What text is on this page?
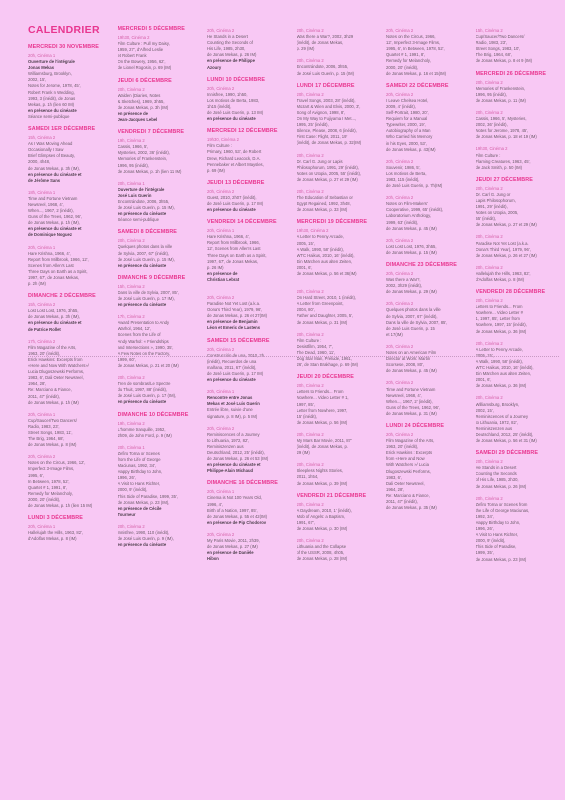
CALENDRIER
MERCREDI 30 NOVEMBRE
20h, Cinéma 1
Ouverture de l'intégrale
Jonas Mekas
Williamsburg, Brooklyn,
2002, 15',
Notes for Jerome, 1978, 45',
Robert Frank n Wedding,
1993, 3 (inédit), de Jonas
Mekas, p. 1h (lien 60 IM)
en présence du cinéaste
Séance semi-publique
SAMEDI 1ER DÉCEMBRE
15h, Cinéma 2
As I Was Moving Ahead
Occasionally I Saw
Brief Glimpses of Beauty,
2000, 4h48,
de Jonas Mekas, p. 3h (IM),
en présence du cinéaste et
de Jérôme Sans
18h, Cinéma 1
Time and Fortune Vietnam
Newsreel, 1968, 4',
When..., 1967, 2 (inédit),
Guns of the Trees, 1962, 96',
de Jonas Mekas, p. 1h (IM),
en présence du cinéaste et
de Dominique Noguez
20h, Cinéma 1
Hare Krishna, 1966, 4',
Report from Millbrook, 1966, 12',
Scenes from Allen's Last
Three Days on Earth as a Spirit,
1997, 67', de Jonas Mekas,
p. 2h (IM)
DIMANCHE 2 DÉCEMBRE
15h, Cinéma 2
Lost Lost Lost, 1976, 3h55,
de Jonas Mekas, p. 3h (IM),
en présence du cinéaste et
de Patrice Rollet
17h, Cinéma 2
Film Magazine of the Arts,
1963, 20' (inédit),
Erick Hawkins: Excerpts from
«Here and Now With Watchers»/
Lucia Dlugoszewski Performs,
1983, 6', Dali Oeter Newsreel,
1964, 28',
Re: Marciano & Fiance,
2011, 47' (inédit),
de Jonas Mekas, p. 1h (IM)
20h, Cinéma 1
Cup/Saucer/Two Dancers/
Radio, 1983, 23',
Street Songs, 1983, 11',
The Brig, 1964, 68',
de Jonas Mekas, p. 8 (IM)
20h, Cinéma 2
Notes on the Circus, 1966, 12',
Imperfect 3-Image Films,
1995, 6',
In Between, 1978, 52',
Quartet # 1, 1991, 8',
Remedy for Melancholy,
2000, 20' (inédit),
de Jonas Mekas, p. 1h (lien 15 IM)
LUNDI 3 DÉCEMBRE
20h, Cinéma 1
Hallelujah the Hills, 1963, 82',
d'Adolfas Mekas, p. 8 (IM)
MERCREDI 5 DÉCEMBRE
19h30, Cinéma 2
Film Culture : Pull my Daisy,
1959, 27', d'Alfred Leslie
et Robert Frank
On the Bowery, 1956, 62',
de Lionel Rogosin, p. 69 (IM)
JEUDI 6 DÉCEMBRE
20h, Cinéma 2
Walden (Diaries, Notes
& Sketches), 1969, 3h55,
de Jonas Mekas, p. 3h (IM)
en présence de
Jean-Jacques Lebel
VENDREDI 7 DÉCEMBRE
19h, Cinéma 2
Cassis, 1966, 5',
Mysteries, 2002, 36' (inédit),
Memories of Frankenstein,
1996, 95 (inédit),
de Jonas Mekas, p. 1h (lien 11 IM)
20h, Cinéma 1
Ouverture de l'intégrale
José Luis Guerin
Encontrándote, 2006, 3h55,
de José Luis Guerin, p. 15 IM),
en présence du cinéaste
Séance semi-publique
SAMEDI 8 DÉCEMBRE
20h, Cinéma 2
Quelques photos dans la ville
de Sylvia, 2007, 67' (inédit),
de José Luis Guerin, p. 15 IM),
en présence du cinéaste
DIMANCHE 9 DÉCEMBRE
15h, Cinéma 2
Dans la ville de Sylvia, 2007, 85',
de José Luis Guerin, p. 17 IM),
en présence du cinéaste
17h, Cinéma 2
Award Presentation to Andy
Warhol, 1964, 12',
Scenes from the Life of
Andy Warhol: « Friendships
and Intersections », 1990, 35',
A Few Notes on the Factory,
1999, 60',
de Jonas Mekas, p. 21 et 20 (IM)
20h, Cinéma 2
Tren de sombras/Le Spectre
du Thuit, 1997, 88' (inédit),
de José Luis Guerin, p. 17 (IM),
en présence du cinéaste
DIMANCHE 10 DÉCEMBRE
19h, Cinéma 2
L'homme tranquille, 1952,
2h09, de John Ford, p. 9 (IM)
20h, Cinéma 1
Zefiro Torna or Scenes
from the Life of George
Maciunas, 1992, 34',
Happy Birthday to John,
1996, 26',
A Visit to Hans Richter,
2000, 9' (inédit),
This Side of Paradise, 1999, 35',
de Jonas Mekas, p. 23 (IM),
en présence de Cécile
Tourneur
20h, Cinéma 2
Innisfree, 1990, 110 (inédit),
de José Luis Guerin, p. 9 (IM),
en présence du cinéaste
20h, Cinéma 2
He Stands in a Desert
Counting the Seconds of
His Life, 1985, 2h30,
de Jonas Mekas, p. 26 IM)
en présence de Philippe
Azoury
LUNDI 10 DÉCEMBRE
20h, Cinéma 2
Innisfree, 1990, 1h50,
Los motivos de Berta, 1983,
1h15 (inédit),
de José Luis Guerin, p. 13 IM)
en présence du cinéaste
MERCREDI 12 DÉCEMBRE
19h30, Cinéma 2
Film Culture :
Primary, 1960, 53', de Robert
Drew, Richard Leacock, D.A.
Pennebaker et Albert Maysles,
p. 69 (IM)
JEUDI 13 DÉCEMBRE
20h, Cinéma 2
Guest, 2010, 2h07 (inédit),
de José Luis Guerin, p. 17 IM)
en présence du cinéaste
VENDREDI 14 DÉCEMBRE
20h, Cinéma 1
Hare Krishna, 1966, 4',
Report from Millbrook, 1966,
12', Scenes from Allen's Last
Three Days on Earth as a Spirit,
1997, 67', de Jonas Mekas,
p. 26 IM)
en présence de
Christian Lebrat
20h, Cinéma 2
Paradise Not Yet Lost (a.k.a.
Oona's Third Year), 1979, 96',
de Jonas Mekas, p. 26 et 27(IM)
en présence de Benjamin
Léon et Emeric de Lastens
SAMEDI 15 DÉCEMBRE
20h, Cinéma 2
Construcción de una, 2010, 2h
(inédit), Recuerdos de una
mañana, 2011, 67' (inédit),
de José Luis Guerin, p. 17 IM)
en présence du cinéaste
20h, Cinéma 1
Rencontre entre Jonas
Mekas et José Luis Guerin
Entrée libre, suivie d'une
signature, p. 8 IM), p. 5 IM)
20h, Cinéma 2
Reminiscences of a Journey
to Lithuania, 1972, 82',
Reminiszenzen aus
Deutschland, 2012, 25' (inédit),
de Jonas Mekas, p. 26 et 53 (IM)
en présence du cinéaste et
Philippe-Alain Michaud
DIMANCHE 16 DÉCEMBRE
20h, Cinéma 1
Cinema is Not 100 Years Old,
1996, 4',
Birth of a Nation, 1997, 85',
de Jonas Mekas, p. 55 et 42(IM)
en présence de Pip Chodorov
20h, Cinéma 2
My Paris Movie, 2011, 2h39,
de Jonas Mekas, p. 27 (IM)
en présence de Danièle
Hibon
20h, Cinéma 2
Was there a War?, 2002, 3h29
(inédit), de Jonas Mekas,
p. 29 (IM)
20h, Cinéma 2
Encontrándote, 2006, 3h55,
de José Luis Guerin, p. 15 (IM)
LUNDI 17 DÉCEMBRE
20h, Cinéma 2
Travel Songs, 2003, 28' (inédit),
Mozart & Wien and Elvis, 2000, 3',
Song of Avignon, 1998, 8',
On My Way to Fujiyama I Met...,
1995, 25' (inédit),
Silence, Please, 2008, 6 (inédit),
First Case: Flight, 2011, 19'
(inédit), de Jonas Mekas, p. 32(IM)
20h, Cinéma 2
Dr. Carl G. Jung or Lapis
Philosophorum, 1991, 29' (inédit),
Notes on Utopia, 2005, 55' (inédit),
de Jonas Mekas, p. 27 et 29 (IM)
20h, Cinéma 2
The Education of Sebastian or
Egypt Regained, 1992, 3h48,
de Jonas Mekas, p. 33 (IM)
MERCREDI 19 DÉCEMBRE
19h30, Cinéma 2
A Letter to Penny Arcade,
2005, 15',
A Walk, 1990, 58' (inédit),
WTC Haikus, 2010, 16' (inédit),
Ein Märchen aus alten Zeiten,
2001, 6',
de Jonas Mekas, p. 56 et 36(IM)
20h, Cinéma 2
On Hard Street, 2010, 1 (inédit),
A Letter from Greenpoint,
2004, 80',
Father and Daughter, 2005, 5',
de Jonas Mekas, p. 31 (IM)
20h, Cinéma 2
Film Culture :
Desistfilm, 1954, 7',
The Dead, 1960, 11',
Dog Star Man, Prelude, 1961,
26', de Stan Brakhage, p. 69 (IM)
JEUDI 20 DÉCEMBRE
20h, Cinéma 2
Letters to Friends... From
Nowhere... Video Letter # 1,
1997, 85',
Letter from Nowhere, 1997,
15' (inédit),
de Jonas Mekas, p. 56 (IM)
20h, Cinéma 2
My Mars Bar Movie, 2011, 87'
(inédit), de Jonas Mekas, p.
29 (IM)
20h, Cinéma 2
Sleepless Nights Stories,
2011, 1h54,
de Jonas Mekas, p. 39 (IM)
VENDREDI 21 DÉCEMBRE
20h, Cinéma 2
A Daydream, 2010, 1' (inédit),
Mob of Angels: a Baptism,
1991, 67',
de Jonas Mekas, p. 30 (IM)
20h, Cinéma 2
Lithuania and the Collapse
of the USSR, 2008, 4h05,
de Jonas Mekas, p. 28 (IM)
20h, Cinéma 2
Notes on the Circus, 1966,
12', Imperfect 3-Image Films,
1995, 6', In Between, 1978, 52',
Quartet # 1, 1991, 8',
Remedy for Melancholy,
2000, 20' (inédit),
de Jonas Mekas, p. 16 et 15(IM)
SAMEDI 22 DÉCEMBRE
20h, Cinéma 2
I Leave Chelsea Hotel,
2009, 4' (inédit),
Self-Portrait, 1980, 20',
Requiem for a Manual
Typewriter, 2000, 19',
Autobiography of a Man
Who Carried his Memory
in his Eyes, 2000, 53',
de Jonas Mekas, p. 43(IM)
20h, Cinéma 2
Souvenir, 1986, 5',
Los motivos de Berta,
1983, 115 (inédit),
de José Luis Guerin, p. 7h(IM)
20h, Cinéma 2
Notes on Film-Makers'
Cooperative, 1999, 65' (inédit),
Laboratorium Anthology,
1999, 63' (inédit),
de Jonas Mekas, p. 45 (IM)
20h, Cinéma 2
Lost Lost Lost, 1976, 3h55,
de Jonas Mekas, p. 15 (IM)
DIMANCHE 23 DÉCEMBRE
20h, Cinéma 2
Was there a War?,
2002, 3h29 (inédit),
de Jonas Mekas, p. 29 (IM)
20h, Cinéma 2
Quelques photos dans la ville
de Sylvia, 2007, 67' (inédit),
Dans la ville de Sylvia, 2007, 85',
de José Luis Guerin, p. 15
et 17(IM)
20h, Cinéma 2
Notes on an American Film
Director at Work: Martin
Scorsese, 2008, 80',
de Jonas Mekas, p. 45 (IM)
20h, Cinéma 2
Time and Fortune Vietnam
Newsreel, 1968, 4',
When..., 1967, 2' (inédit),
Guns of the Trees, 1962, 96',
de Jonas Mekas, p. 31 (IM)
LUNDI 24 DÉCEMBRE
20h, Cinéma 2
Film Magazine of the Arts,
1963, 20' (inédit),
Erick Hawkins : Excerpts
from «Here and Now
With Watchers »/ Lucia
Dlugoszewski Performs,
1983, 6',
Dali Oeter Newsreel,
1964, 28',
Re: Marciano & Fiance,
2011, 47' (inédit),
de Jonas Mekas, p. 35 (IM)
15h, Cinéma 2
Cup/Saucer/Two Dancers/
Radio, 1983, 23',
Street Songs, 1983, 10',
The Brig, 1964, 68',
de Jonas Mekas, p. 8 et 9 (IM)
MERCREDI 26 DÉCEMBRE
20h, Cinéma 2
Memories of Frankenstein,
1996, 95 (inédit),
de Jonas Mekas, p. 11 (IM)
20h, Cinéma 2
Cassis, 1966, 5', Mysteries,
2002, 36' (inédit),
Notes for Jerome, 1978, 45',
de Jonas Mekas, p. 18 et 19 (IM)
19h30, Cinéma 2
Film Culture :
Flaming Creatures, 1963, 45',
de Jack Smith, p. 50 (IM)
JEUDI 27 DÉCEMBRE
20h, Cinéma 2
Dr. Carl G. Jung or
Lapis Philosophorum,
1991, 29' (inédit),
Notes on Utopia, 2005,
55' (inédit),
de Jonas Mekas, p. 27 et 29 (IM)
20h, Cinéma 2
Paradise Not Yet Lost (a.k.a.
Oona's Third Year), 1979, 96',
de Jonas Mekas, p. 26 et 27 (IM)
20h, Cinéma 2
Hallelujah the Hills, 1963, 82',
d'Adolfas Mekas, p. 8 (IM)
VENDREDI 28 DÉCEMBRE
20h, Cinéma 2
Letters to Friends... From
Nowhere... Video Letter #
1, 1997, 85', Letter from
Nowhere, 1997, 15' (inédit),
de Jonas Mekas, p. 36 (IM)
20h, Cinéma 2
A Letter to Penny Arcade,
2005, 15',
A Walk, 1990, 58' (inédit),
WTC Haikus, 2010, 16' (inédit),
Ein Märchen aus alten Zeiten,
2001, 6',
de Jonas Mekas, p. 36 (IM)
20h, Cinéma 2
Williamsburg, Brooklyn,
2002, 15',
Reminiscences of a Journey
to Lithuania, 1972, 82',
Reminiszenzen aus
Deutschland, 2012, 25' (inédit),
de Jonas Mekas, p. 56 et 31 (IM)
SAMEDI 29 DÉCEMBRE
20h, Cinéma 2
He Stands in a Desert
Counting the Seconds
of His Life, 1985, 2h30,
de Jonas Mekas, p. 26 (IM)
20h, Cinéma 2
Zefiro Torna or Scenes from
the Life of George Maciunas,
1992, 34',
Happy Birthday to John,
1996, 26',
A Visit to Hans Richter,
2000, 9' (inédit),
This Side of Paradise,
1999, 35',
de Jonas Mekas, p. 23 (IM)
